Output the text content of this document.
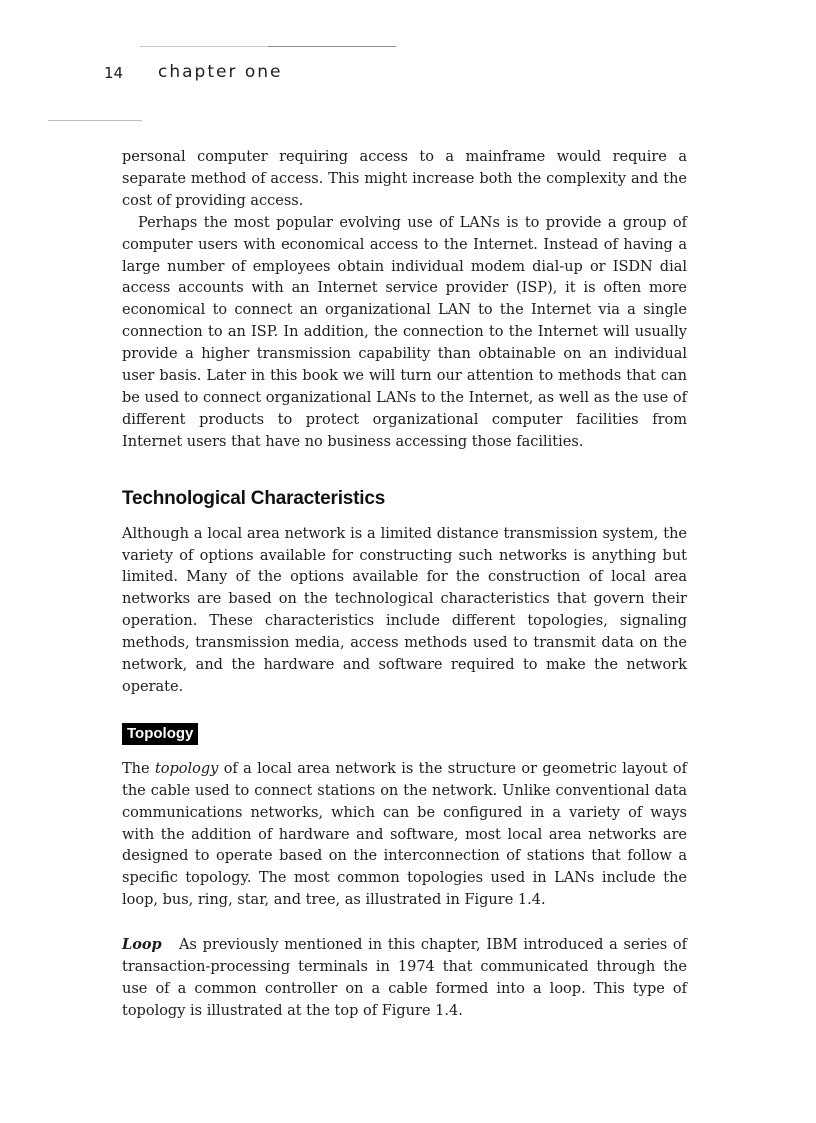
14 chapter one

personal computer requiring access to a mainframe would require a separate method of access. This might increase both the complexity and the cost of providing access.

Perhaps the most popular evolving use of LANs is to provide a group of computer users with economical access to the Internet. Instead of having a large number of employees obtain individual modem dial-up or ISDN dial access accounts with an Internet service provider (ISP), it is often more economical to connect an organizational LAN to the Internet via a single connection to an ISP. In addition, the connection to the Internet will usually provide a higher transmission capability than obtainable on an individual user basis. Later in this book we will turn our attention to methods that can be used to connect organizational LANs to the Internet, as well as the use of different products to protect organizational computer facilities from Internet users that have no business accessing those facilities.

Technological Characteristics

Although a local area network is a limited distance transmission system, the variety of options available for constructing such networks is anything but limited. Many of the options available for the construction of local area networks are based on the technological characteristics that govern their operation. These characteristics include different topologies, signaling methods, transmission media, access methods used to transmit data on the network, and the hardware and software required to make the network operate.

Topology

The topology of a local area network is the structure or geometric layout of the cable used to connect stations on the network. Unlike conventional data communications networks, which can be configured in a variety of ways with the addition of hardware and software, most local area networks are designed to operate based on the interconnection of stations that follow a specific topology. The most common topologies used in LANs include the loop, bus, ring, star, and tree, as illustrated in Figure 1.4.

Loop As previously mentioned in this chapter, IBM introduced a series of transaction-processing terminals in 1974 that communicated through the use of a common controller on a cable formed into a loop. This type of topology is illustrated at the top of Figure 1.4.
